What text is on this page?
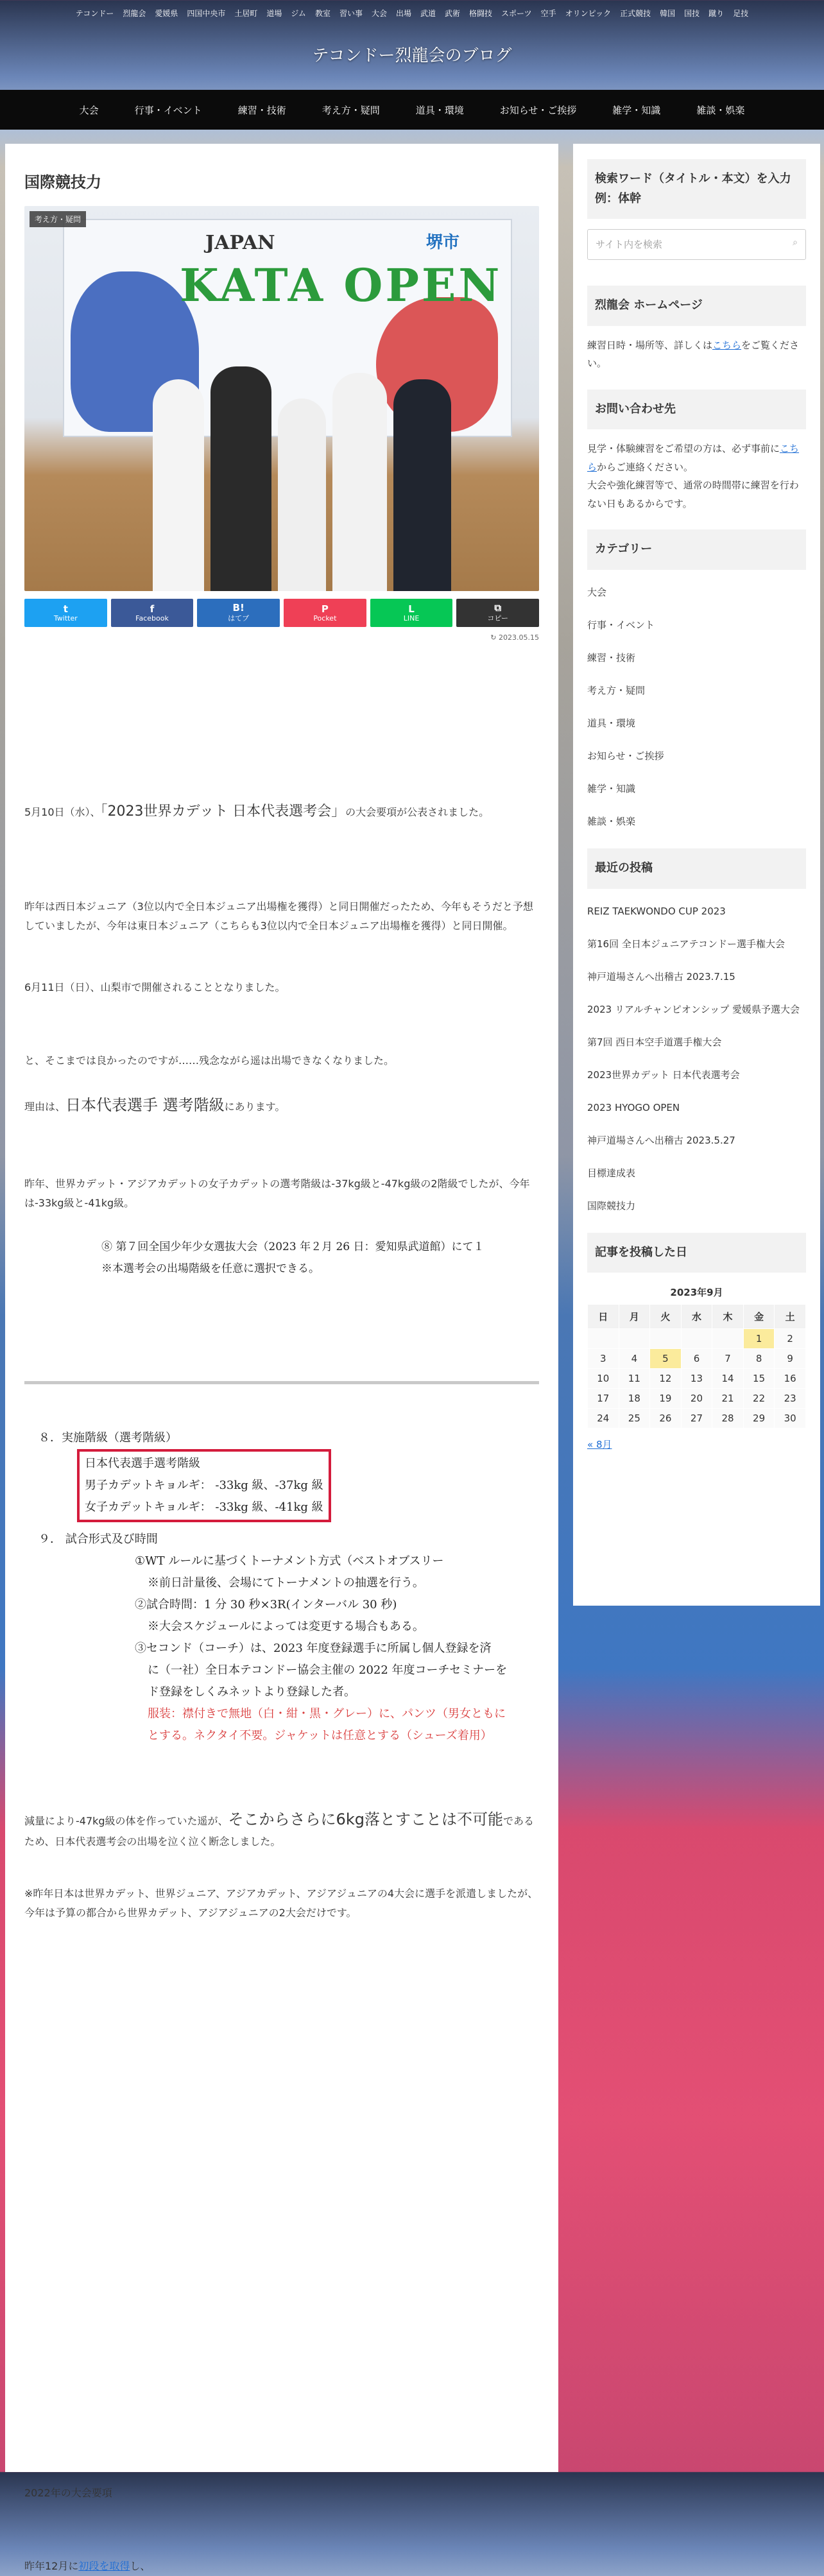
テコンドー	烈龍会	愛媛県	四国中央市	土居町	道場	ジム	教室	習い事	大会	出場	武道	武術	格闘技	スポーツ	空手	オリンピック	正式競技	韓国	国技	蹴り	足技
テコンドー烈龍会のブログ
大会	行事・イベント	練習・技術	考え方・疑問	道具・環境	お知らせ・ご挨拶	雑学・知識	雑談・娯楽
国際競技力
JAPAN
KATA OPEN
堺市
考え方・疑問
t
Twitter
f
Facebook
B!
はてブ
P
Pocket
L
LINE
⧉
コピー
↻ 2023.05.15

5月10日（水）、「2023世界カデット 日本代表選考会」の大会要項が公表されました。

昨年は西日本ジュニア（3位以内で全日本ジュニア出場権を獲得）と同日開催だったため、今年もそうだと予想していましたが、今年は東日本ジュニア（こちらも3位以内で全日本ジュニア出場権を獲得）と同日開催。

6月11日（日）、山梨市で開催されることとなりました。

と、そこまでは良かったのですが‥‥‥残念ながら遥は出場できなくなりました。

理由は、日本代表選手 選考階級にあります。

昨年、世界カデット・アジアカデットの女子カデットの選考階級は-37kg級と-47kg級の2階級でしたが、今年は-33kg級と-41kg級。

⑧ 第７回全国少年少女選抜大会（2023 年２月 26 日：愛知県武道館）にて１
※本選考会の出場階級を任意に選択できる。
８．実施階級（選考階級）
日本代表選手選考階級
男子カデットキョルギ： -33kg 級、-37kg 級
女子カデットキョルギ： -33kg 級、-41kg 級
９． 試合形式及び時間
①WT ルールに基づくトーナメント方式（ベストオブスリー
※前日計量後、会場にてトーナメントの抽選を行う。
②試合時間：1 分 30 秒×3R(インターバル 30 秒)
※大会スケジュールによっては変更する場合もある。
③セコンド（コーチ）は、2023 年度登録選手に所属し個人登録を済
に（一社）全日本テコンドー協会主催の 2022 年度コーチセミナーを
ド登録をしくみネットより登録した者。
服装：襟付きで無地（白・紺・黒・グレー）に、パンツ（男女ともに
とする。ネクタイ不要。ジャケットは任意とする（シューズ着用）

減量により-47kg級の体を作っていた遥が、そこからさらに6kg落とすことは不可能であるため、日本代表選考会の出場を泣く泣く断念しました。

※昨年日本は世界カデット、世界ジュニア、アジアカデット、アジアジュニアの4大会に選手を派遣しましたが、今年は予算の都合から世界カデット、アジアジュニアの2大会だけです。

2022年の大会要項

昨年12月に初段を取得し、

検索ワード（タイトル・本文）を入力　例：体幹
サイト内を検索	⌕
烈龍会 ホームページ
練習日時・場所等、詳しくはこちらをご覧ください。
お問い合わせ先
見学・体験練習をご希望の方は、必ず事前にこちらからご連絡ください。
大会や強化練習等で、通常の時間帯に練習を行わない日もあるからです。
カテゴリー
大会
行事・イベント
練習・技術
考え方・疑問
道具・環境
お知らせ・ご挨拶
雑学・知識
雑談・娯楽
最近の投稿
REIZ TAEKWONDO CUP 2023
第16回 全日本ジュニアテコンドー選手権大会
神戸道場さんへ出稽古 2023.7.15
2023 リアルチャンピオンシップ 愛媛県予選大会
第7回 西日本空手道選手権大会
2023世界カデット 日本代表選考会
2023 HYOGO OPEN
神戸道場さんへ出稽古 2023.5.27
目標達成表
国際競技力
記事を投稿した日
2023年9月
日	月	火	水	木	金	土
					1	2
3	4	5	6	7	8	9
10	11	12	13	14	15	16
17	18	19	20	21	22	23
24	25	26	27	28	29	30
« 8月
